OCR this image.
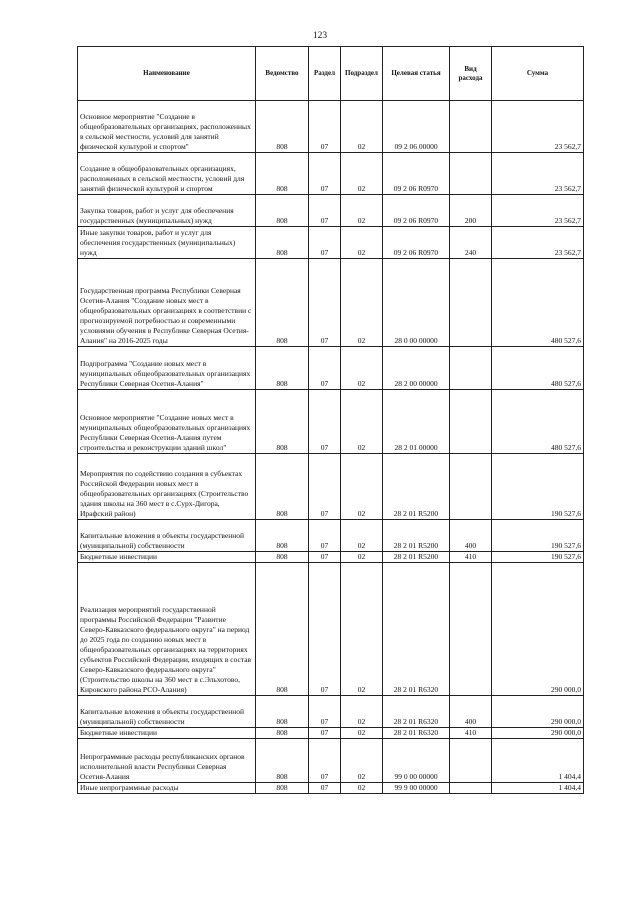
123
Наименование	Ведомство	Раздел	Подраздел	Целевая статья	Вид расхода	Сумма

Основное мероприятие "Создание в общеобразовательных организациях, расположенных в сельской местности, условий для занятий физической культурой и спортом"	808	07	02	09 2 06 00000		23 562,7

Создание в общеобразовательных организациях, расположенных в сельской местности, условий для занятий физической культурой и спортом	808	07	02	09 2 06 R0970		23 562,7

Закупка товаров, работ и услуг для обеспечения государственных (муниципальных) нужд	808	07	02	09 2 06 R0970	200	23 562,7

Иные закупки товаров, работ и услуг для обеспечения государственных (муниципальных) нужд	808	07	02	09 2 06 R0970	240	23 562,7

Государственная программа Республики Северная Осетия-Алания "Создание новых мест в общеобразовательных организациях в соответствии с прогнозируемой потребностью и современными условиями обучения в Республике Северная Осетия-Алания" на 2016-2025 годы	808	07	02	28 0 00 00000		480 527,6

Подпрограмма "Создание новых мест в муниципальных общеобразовательных организациях Республики Северная Осетия-Алания"	808	07	02	28 2 00 00000		480 527,6

Основное мероприятие "Создание новых мест в муниципальных общеобразовательных организациях Республики Северная Осетия-Алания путем строительства и реконструкции зданий школ"	808	07	02	28 2 01 00000		480 527,6

Мероприятия по содействию создания в субъектах Российской Федерации новых мест в общеобразовательных организациях (Строительство здания школы на 360 мест в с.Сурх-Дигора, Ирафский район)	808	07	02	28 2 01 R5200		190 527,6

Капитальные вложения в объекты государственной (муниципальной) собственности	808	07	02	28 2 01 R5200	400	190 527,6

Бюджетные инвестиции	808	07	02	28 2 01 R5200	410	190 527,6

Реализация мероприятий государственной программы Российской Федерации "Развитие Северо-Кавказского федерального округа" на период до 2025 года по созданию новых мест в общеобразовательных организациях на территориях субъектов Российской Федерации, входящих в состав Северо-Кавказского федерального округа" (Строительство школы на 360 мест в с.Эльхотово, Кировского района РСО-Алания)	808	07	02	28 2 01 R6320		290 000,0

Капитальные вложения в объекты государственной (муниципальной) собственности	808	07	02	28 2 01 R6320	400	290 000,0

Бюджетные инвестиции	808	07	02	28 2 01 R6320	410	290 000,0

Непрограммные расходы республиканских органов исполнительной власти Республики Северная Осетия-Алания	808	07	02	99 0 00 00000		1 404,4

Иные непрограммные расходы	808	07	02	99 9 00 00000		1 404,4
